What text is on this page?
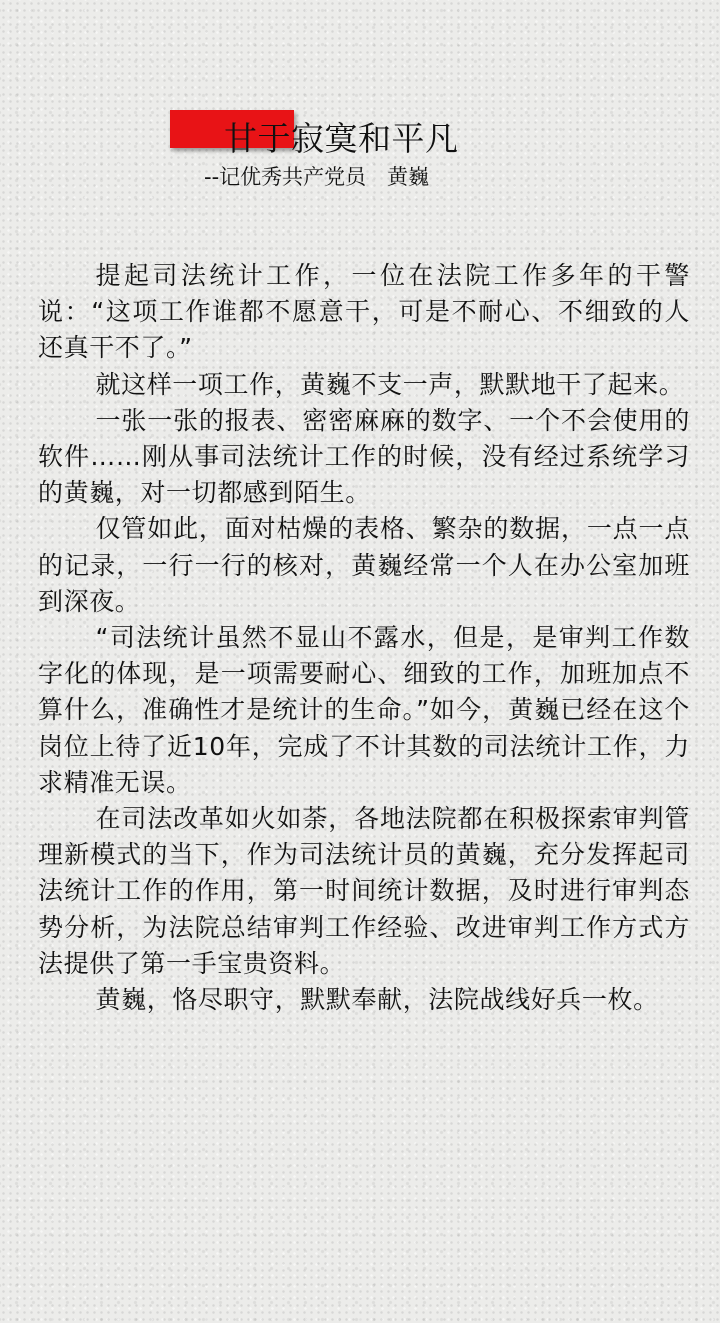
甘于寂寞和平凡
--记优秀共产党员　黄巍

提起司法统计工作，一位在法院工作多年的干警说：“这项工作谁都不愿意干，可是不耐心、不细致的人还真干不了。”

就这样一项工作，黄巍不支一声，默默地干了起来。

一张一张的报表、密密麻麻的数字、一个不会使用的软件……刚从事司法统计工作的时候，没有经过系统学习的黄巍，对一切都感到陌生。

仅管如此，面对枯燥的表格、繁杂的数据，一点一点的记录，一行一行的核对，黄巍经常一个人在办公室加班到深夜。

“司法统计虽然不显山不露水，但是，是审判工作数字化的体现，是一项需要耐心、细致的工作，加班加点不算什么，准确性才是统计的生命。”如今，黄巍已经在这个岗位上待了近10年，完成了不计其数的司法统计工作，力求精准无误。

在司法改革如火如荼，各地法院都在积极探索审判管理新模式的当下，作为司法统计员的黄巍，充分发挥起司法统计工作的作用，第一时间统计数据，及时进行审判态势分析，为法院总结审判工作经验、改进审判工作方式方法提供了第一手宝贵资料。

黄巍，恪尽职守，默默奉献，法院战线好兵一枚。
